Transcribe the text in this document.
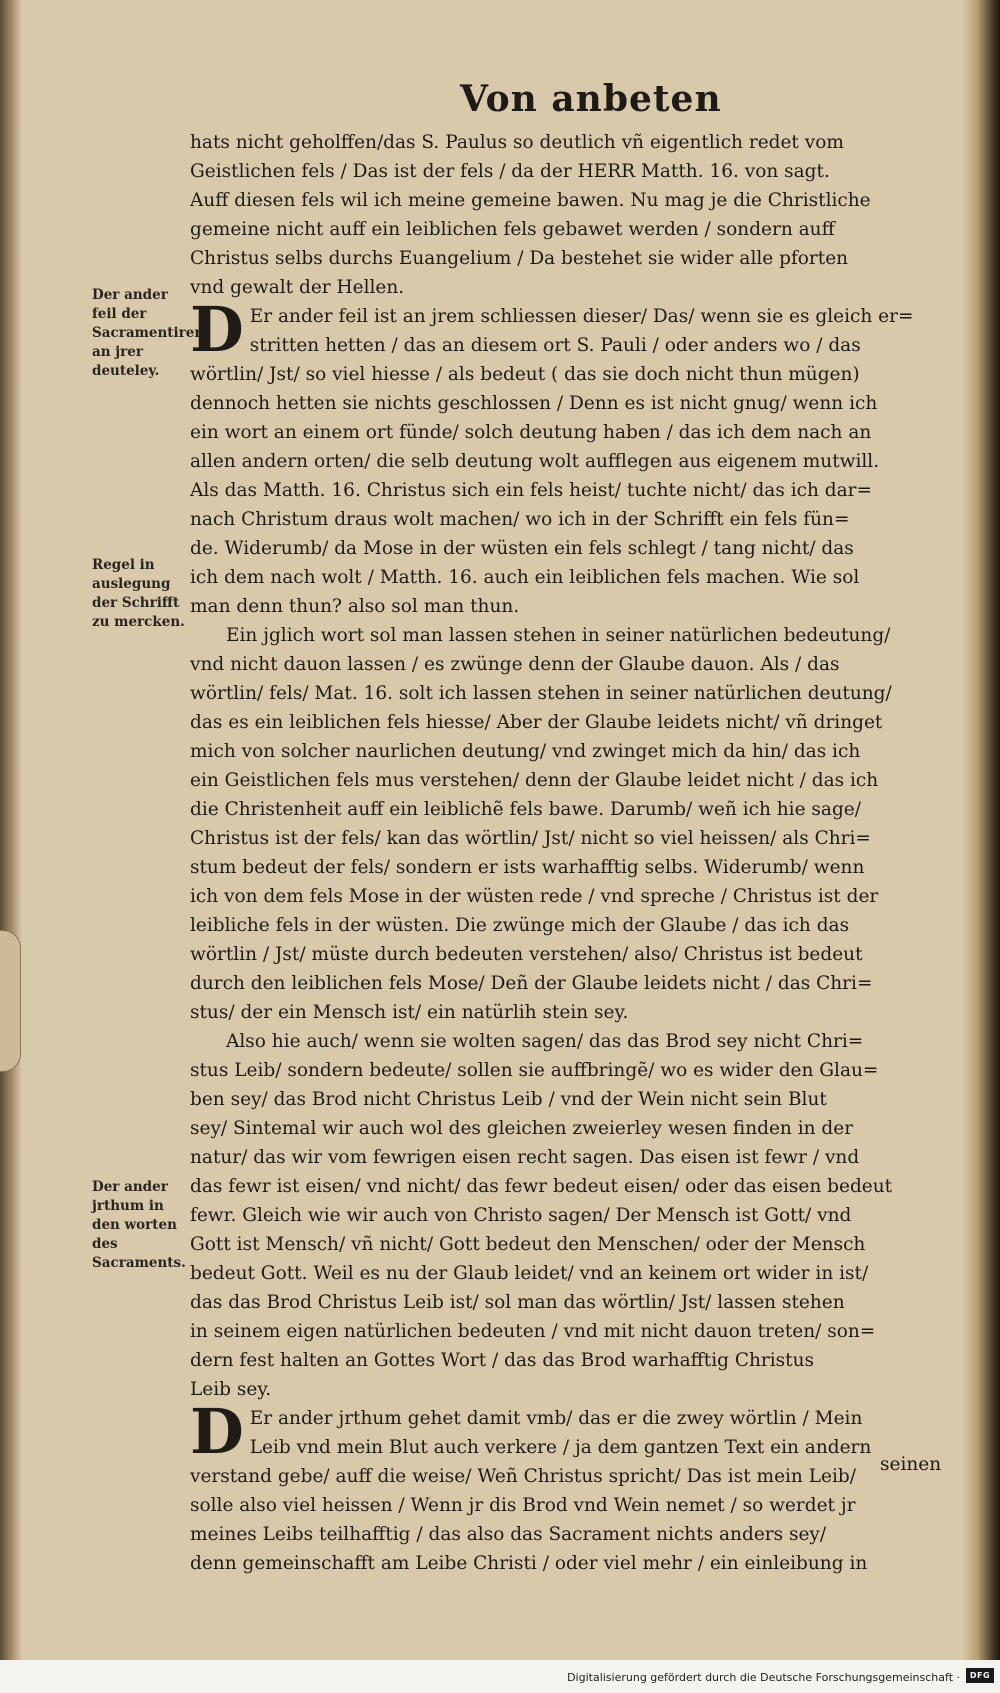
Von anbeten
Der ander feil der Sacramentirer an jrer deuteley.
Regel in auslegung der Schrifft zu mercken.
Der ander jrthum in den worten des Sacraments.
hats nicht geholffen/das S. Paulus so deutlich vñ eigentlich redet vom
Geistlichen fels / Das ist der fels / da der HERR Matth. 16. von sagt.
Auff diesen fels wil ich meine gemeine bawen. Nu mag je die Christliche
gemeine nicht auff ein leiblichen fels gebawet werden / sondern auff
Christus selbs durchs Euangelium / Da bestehet sie wider alle pforten
vnd gewalt der Hellen.
D Er ander feil ist an jrem schliessen dieser/ Das/ wenn sie es gleich er=
stritten hetten / das an diesem ort S. Pauli / oder anders wo / das
wörtlin/ Jst/ so viel hiesse / als bedeut ( das sie doch nicht thun mügen)
dennoch hetten sie nichts geschlossen / Denn es ist nicht gnug/ wenn ich
ein wort an einem ort fünde/ solch deutung haben / das ich dem nach an
allen andern orten/ die selb deutung wolt aufflegen aus eigenem mutwill.
Als das Matth. 16. Christus sich ein fels heist/ tuchte nicht/ das ich dar=
nach Christum draus wolt machen/ wo ich in der Schrifft ein fels fün=
de. Widerumb/ da Mose in der wüsten ein fels schlegt / tang nicht/ das
ich dem nach wolt / Matth. 16. auch ein leiblichen fels machen. Wie sol
man denn thun? also sol man thun.
Ein jglich wort sol man lassen stehen in seiner natürlichen bedeutung/
vnd nicht dauon lassen / es zwünge denn der Glaube dauon. Als / das
wörtlin/ fels/ Mat. 16. solt ich lassen stehen in seiner natürlichen deutung/
das es ein leiblichen fels hiesse/ Aber der Glaube leidets nicht/ vñ dringet
mich von solcher naurlichen deutung/ vnd zwinget mich da hin/ das ich
ein Geistlichen fels mus verstehen/ denn der Glaube leidet nicht / das ich
die Christenheit auff ein leiblichẽ fels bawe. Darumb/ weñ ich hie sage/
Christus ist der fels/ kan das wörtlin/ Jst/ nicht so viel heissen/ als Chri=
stum bedeut der fels/ sondern er ists warhafftig selbs. Widerumb/ wenn
ich von dem fels Mose in der wüsten rede / vnd spreche / Christus ist der
leibliche fels in der wüsten. Die zwünge mich der Glaube / das ich das
wörtlin / Jst/ müste durch bedeuten verstehen/ also/ Christus ist bedeut
durch den leiblichen fels Mose/ Deñ der Glaube leidets nicht / das Chri=
stus/ der ein Mensch ist/ ein natürlih stein sey.
Also hie auch/ wenn sie wolten sagen/ das das Brod sey nicht Chri=
stus Leib/ sondern bedeute/ sollen sie auffbringẽ/ wo es wider den Glau=
ben sey/ das Brod nicht Christus Leib / vnd der Wein nicht sein Blut
sey/ Sintemal wir auch wol des gleichen zweierley wesen finden in der
natur/ das wir vom fewrigen eisen recht sagen. Das eisen ist fewr / vnd
das fewr ist eisen/ vnd nicht/ das fewr bedeut eisen/ oder das eisen bedeut
fewr. Gleich wie wir auch von Christo sagen/ Der Mensch ist Gott/ vnd
Gott ist Mensch/ vñ nicht/ Gott bedeut den Menschen/ oder der Mensch
bedeut Gott. Weil es nu der Glaub leidet/ vnd an keinem ort wider in ist/
das das Brod Christus Leib ist/ sol man das wörtlin/ Jst/ lassen stehen
in seinem eigen natürlichen bedeuten / vnd mit nicht dauon treten/ son=
dern fest halten an Gottes Wort / das das Brod warhafftig Christus
Leib sey.
D Er ander jrthum gehet damit vmb/ das er die zwey wörtlin / Mein
Leib vnd mein Blut auch verkere / ja dem gantzen Text ein andern
verstand gebe/ auff die weise/ Weñ Christus spricht/ Das ist mein Leib/
solle also viel heissen / Wenn jr dis Brod vnd Wein nemet / so werdet jr
meines Leibs teilhafftig / das also das Sacrament nichts anders sey/
denn gemeinschafft am Leibe Christi / oder viel mehr / ein einleibung in
seinen
Digitalisierung gefördert durch die Deutsche Forschungsgemeinschaft ·	DFG
